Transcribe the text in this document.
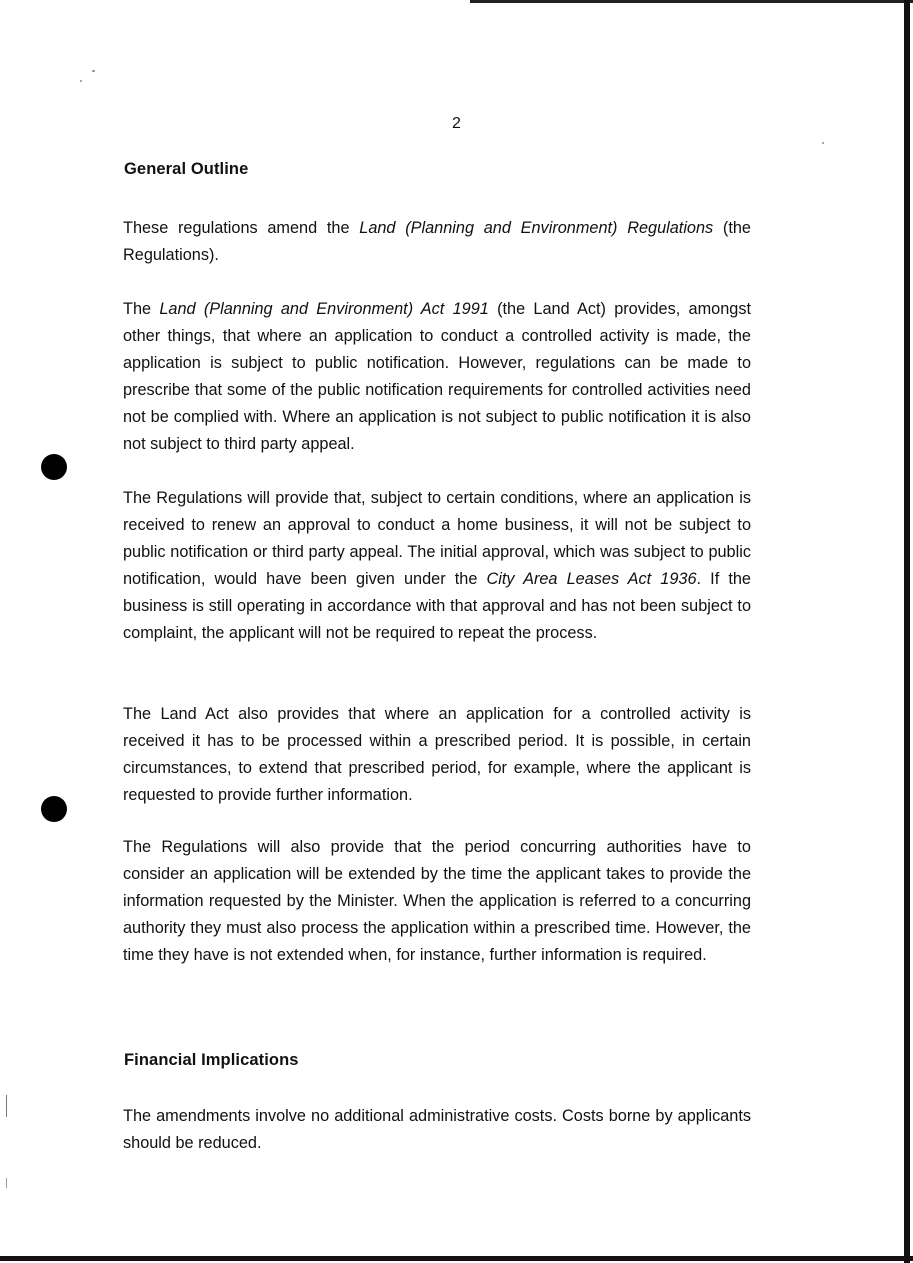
2
General Outline

These regulations amend the Land (Planning and Environment) Regulations (the Regulations).

The Land (Planning and Environment) Act 1991 (the Land Act) provides, amongst other things, that where an application to conduct a controlled activity is made, the application is subject to public notification. However, regulations can be made to prescribe that some of the public notification requirements for controlled activities need not be complied with. Where an application is not subject to public notification it is also not subject to third party appeal.

The Regulations will provide that, subject to certain conditions, where an application is received to renew an approval to conduct a home business, it will not be subject to public notification or third party appeal. The initial approval, which was subject to public notification, would have been given under the City Area Leases Act 1936. If the business is still operating in accordance with that approval and has not been subject to complaint, the applicant will not be required to repeat the process.

The Land Act also provides that where an application for a controlled activity is received it has to be processed within a prescribed period. It is possible, in certain circumstances, to extend that prescribed period, for example, where the applicant is requested to provide further information.

The Regulations will also provide that the period concurring authorities have to consider an application will be extended by the time the applicant takes to provide the information requested by the Minister. When the application is referred to a concurring authority they must also process the application within a prescribed time. However, the time they have is not extended when, for instance, further information is required.

Financial Implications

The amendments involve no additional administrative costs. Costs borne by applicants should be reduced.
